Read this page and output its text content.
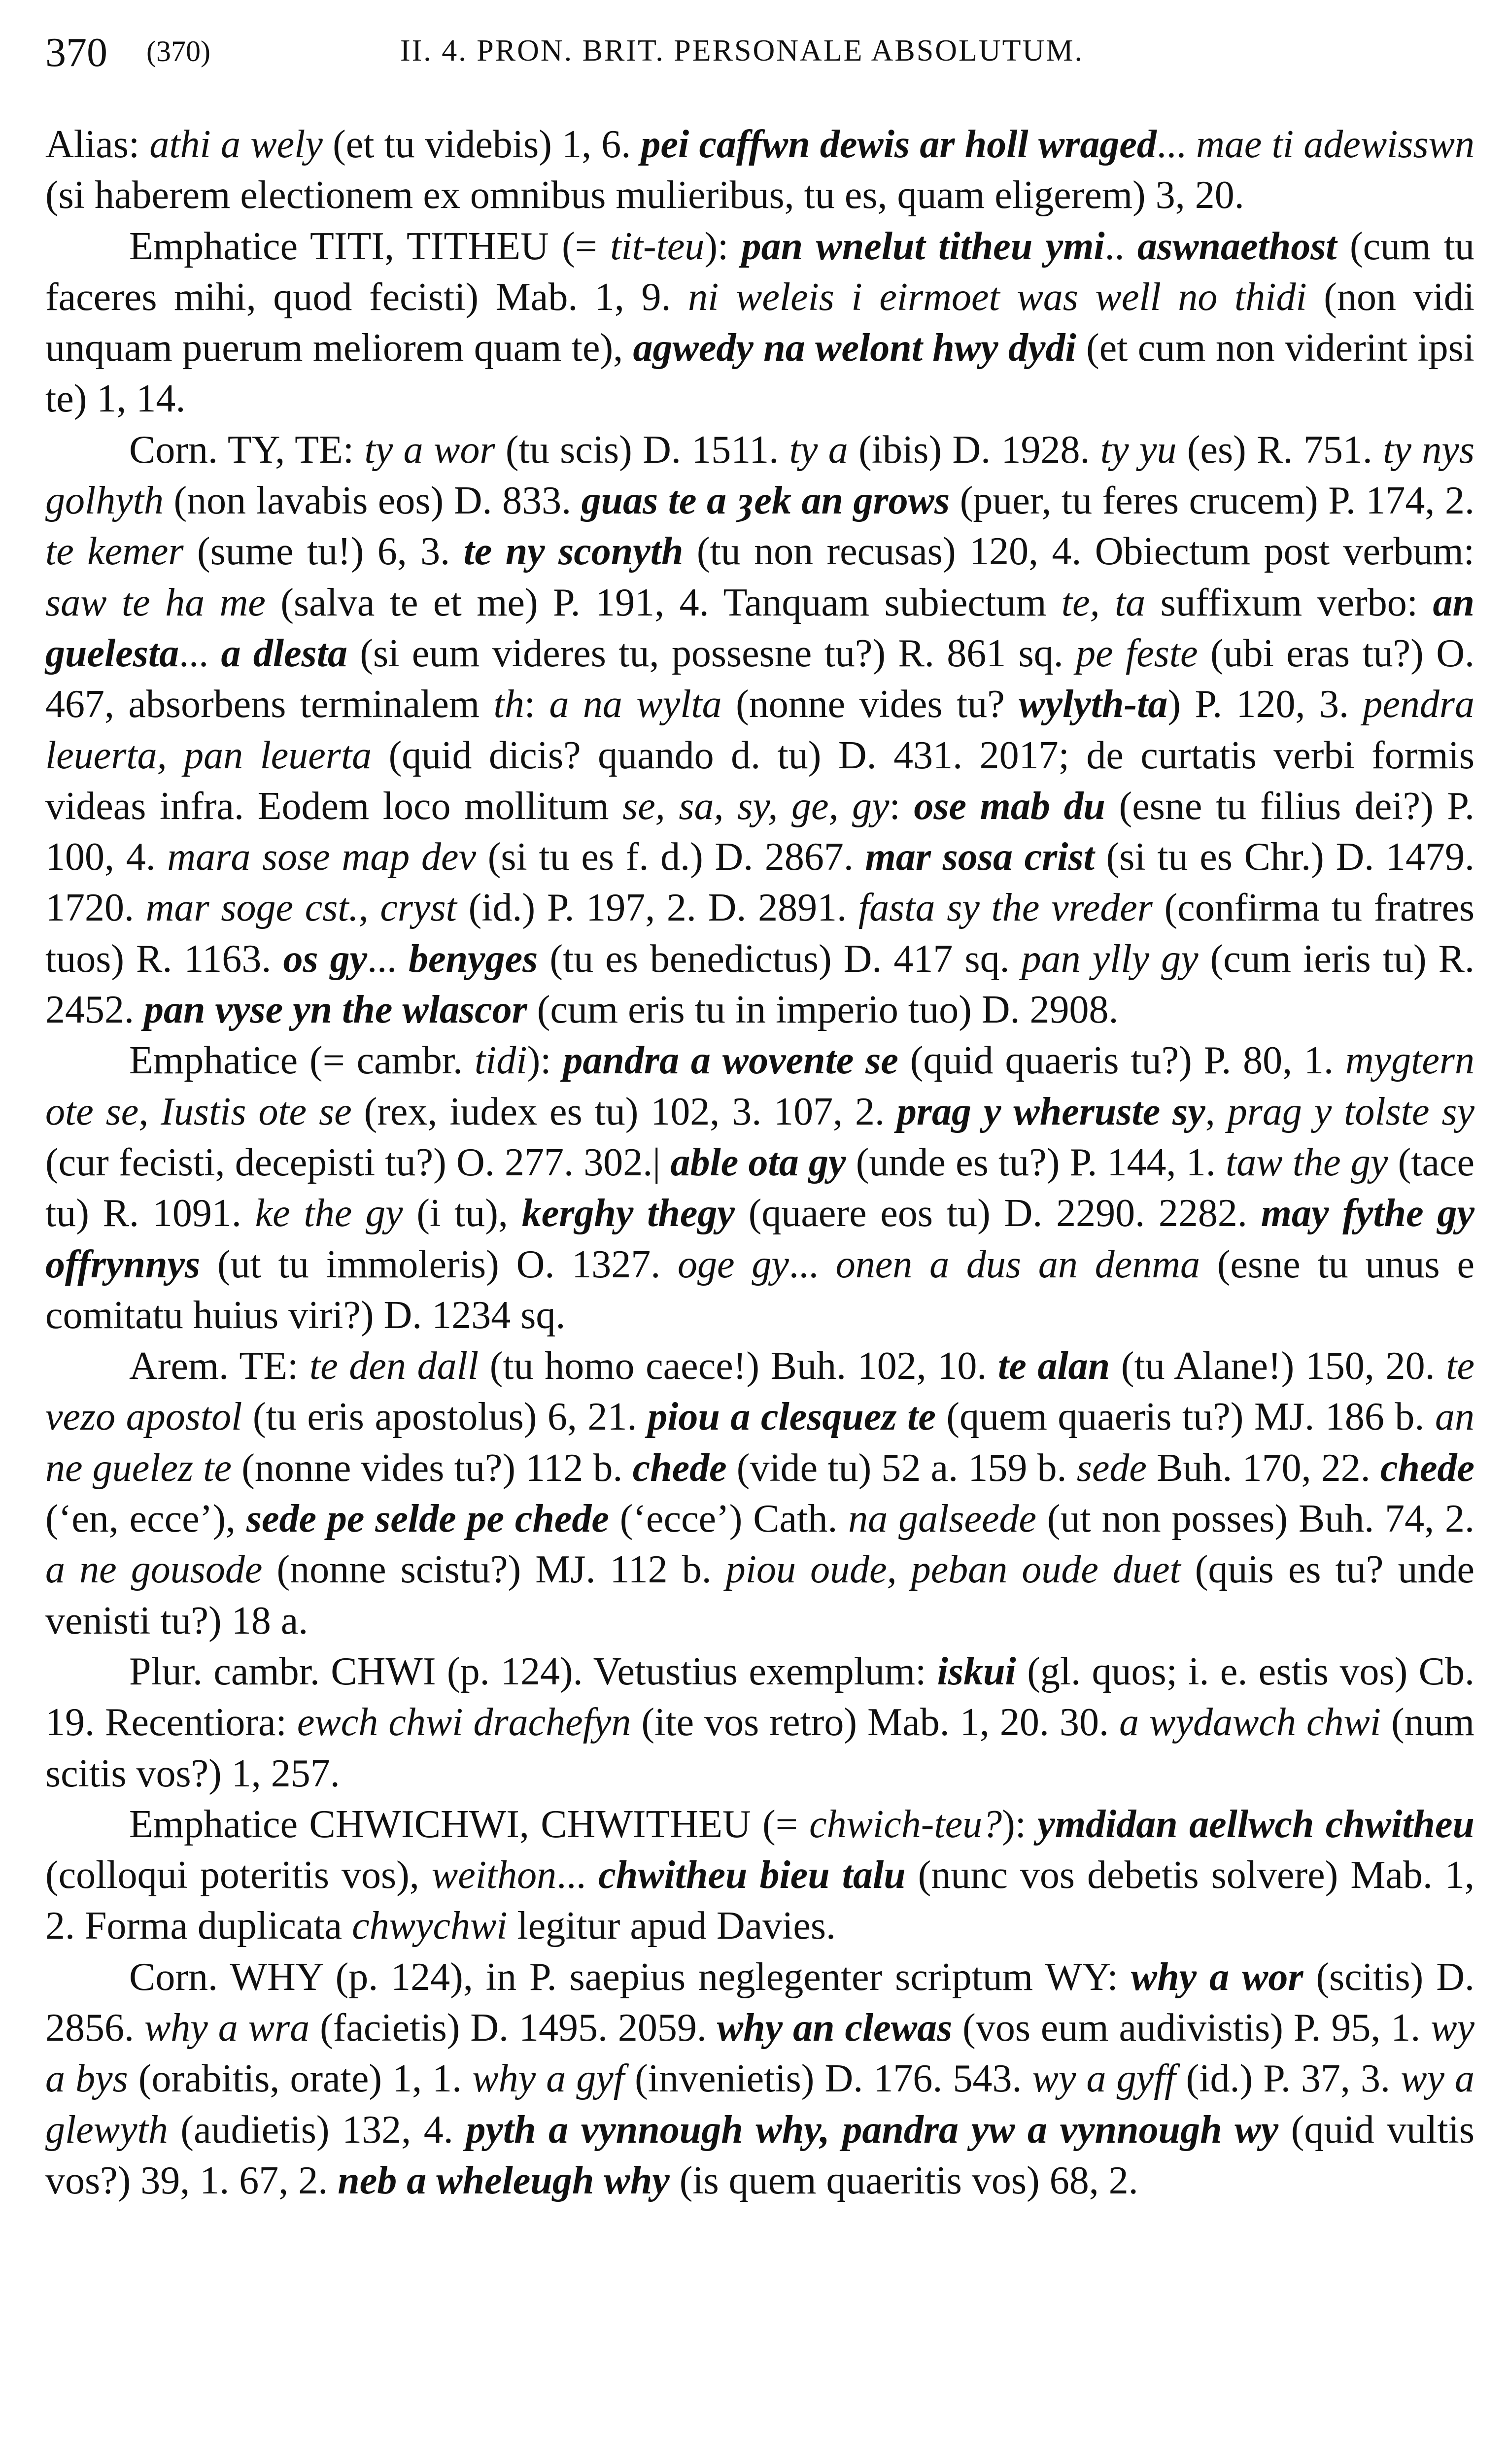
370 (370)	II. 4. PRON. BRIT. PERSONALE ABSOLUTUM.

Alias: athi a wely (et tu videbis) 1, 6. pei caffwn dewis ar holl wraged... mae ti adewisswn (si haberem electionem ex omnibus mulieribus, tu es, quam eligerem) 3, 20.

Emphatice TITI, TITHEU (= tit-teu): pan wnelut titheu ymi.. aswnaethost (cum tu faceres mihi, quod fecisti) Mab. 1, 9. ni weleis i eirmoet was well no thidi (non vidi unquam puerum meliorem quam te), agwedy na welont hwy dydi (et cum non viderint ipsi te) 1, 14.

Corn. TY, TE: ty a wor (tu scis) D. 1511. ty a (ibis) D. 1928. ty yu (es) R. 751. ty nys golhyth (non lavabis eos) D. 833. guas te a ȝek an grows (puer, tu feres crucem) P. 174, 2. te kemer (sume tu!) 6, 3. te ny sconyth (tu non recusas) 120, 4. Obiectum post verbum: saw te ha me (salva te et me) P. 191, 4. Tanquam subiectum te, ta suffixum verbo: an guelesta... a dlesta (si eum videres tu, possesne tu?) R. 861 sq. pe feste (ubi eras tu?) O. 467, absorbens terminalem th: a na wylta (nonne vides tu? wylyth-ta) P. 120, 3. pendra leuerta, pan leuerta (quid dicis? quando d. tu) D. 431. 2017; de curtatis verbi formis videas infra. Eodem loco mollitum se, sa, sy, ge, gy: ose mab du (esne tu filius dei?) P. 100, 4. mara sose map dev (si tu es f. d.) D. 2867. mar sosa crist (si tu es Chr.) D. 1479. 1720. mar soge cst., cryst (id.) P. 197, 2. D. 2891. fasta sy the vreder (confirma tu fratres tuos) R. 1163. os gy... benyges (tu es benedictus) D. 417 sq. pan ylly gy (cum ieris tu) R. 2452. pan vyse yn the wlascor (cum eris tu in imperio tuo) D. 2908.

Emphatice (= cambr. tidi): pandra a wovente se (quid quaeris tu?) P. 80, 1. mygtern ote se, Iustis ote se (rex, iudex es tu) 102, 3. 107, 2. prag y wheruste sy, prag y tolste sy (cur fecisti, decepisti tu?) O. 277. 302.| able ota gy (unde es tu?) P. 144, 1. taw the gy (tace tu) R. 1091. ke the gy (i tu), kerghy thegy (quaere eos tu) D. 2290. 2282. may fythe gy offrynnys (ut tu immoleris) O. 1327. oge gy... onen a dus an denma (esne tu unus e comitatu huius viri?) D. 1234 sq.

Arem. TE: te den dall (tu homo caece!) Buh. 102, 10. te alan (tu Alane!) 150, 20. te vezo apostol (tu eris apostolus) 6, 21. piou a clesquez te (quem quaeris tu?) MJ. 186 b. an ne guelez te (nonne vides tu?) 112 b. chede (vide tu) 52 a. 159 b. sede Buh. 170, 22. chede (‘en, ecce’), sede pe selde pe chede (‘ecce’) Cath. na galseede (ut non posses) Buh. 74, 2. a ne gousode (nonne scistu?) MJ. 112 b. piou oude, peban oude duet (quis es tu? unde venisti tu?) 18 a.

Plur. cambr. CHWI (p. 124). Vetustius exemplum: iskui (gl. quos; i. e. estis vos) Cb. 19. Recentiora: ewch chwi drachefyn (ite vos retro) Mab. 1, 20. 30. a wydawch chwi (num scitis vos?) 1, 257.

Emphatice CHWICHWI, CHWITHEU (= chwich-teu?): ymdidan aellwch chwitheu (colloqui poteritis vos), weithon... chwitheu bieu talu (nunc vos debetis solvere) Mab. 1, 2. Forma duplicata chwychwi legitur apud Davies.

Corn. WHY (p. 124), in P. saepius neglegenter scriptum WY: why a wor (scitis) D. 2856. why a wra (facietis) D. 1495. 2059. why an clewas (vos eum audivistis) P. 95, 1. wy a bys (orabitis, orate) 1, 1. why a gyf (invenietis) D. 176. 543. wy a gyff (id.) P. 37, 3. wy a glewyth (audietis) 132, 4. pyth a vynnough why, pandra yw a vynnough wy (quid vultis vos?) 39, 1. 67, 2. neb a wheleugh why (is quem quaeritis vos) 68, 2.
